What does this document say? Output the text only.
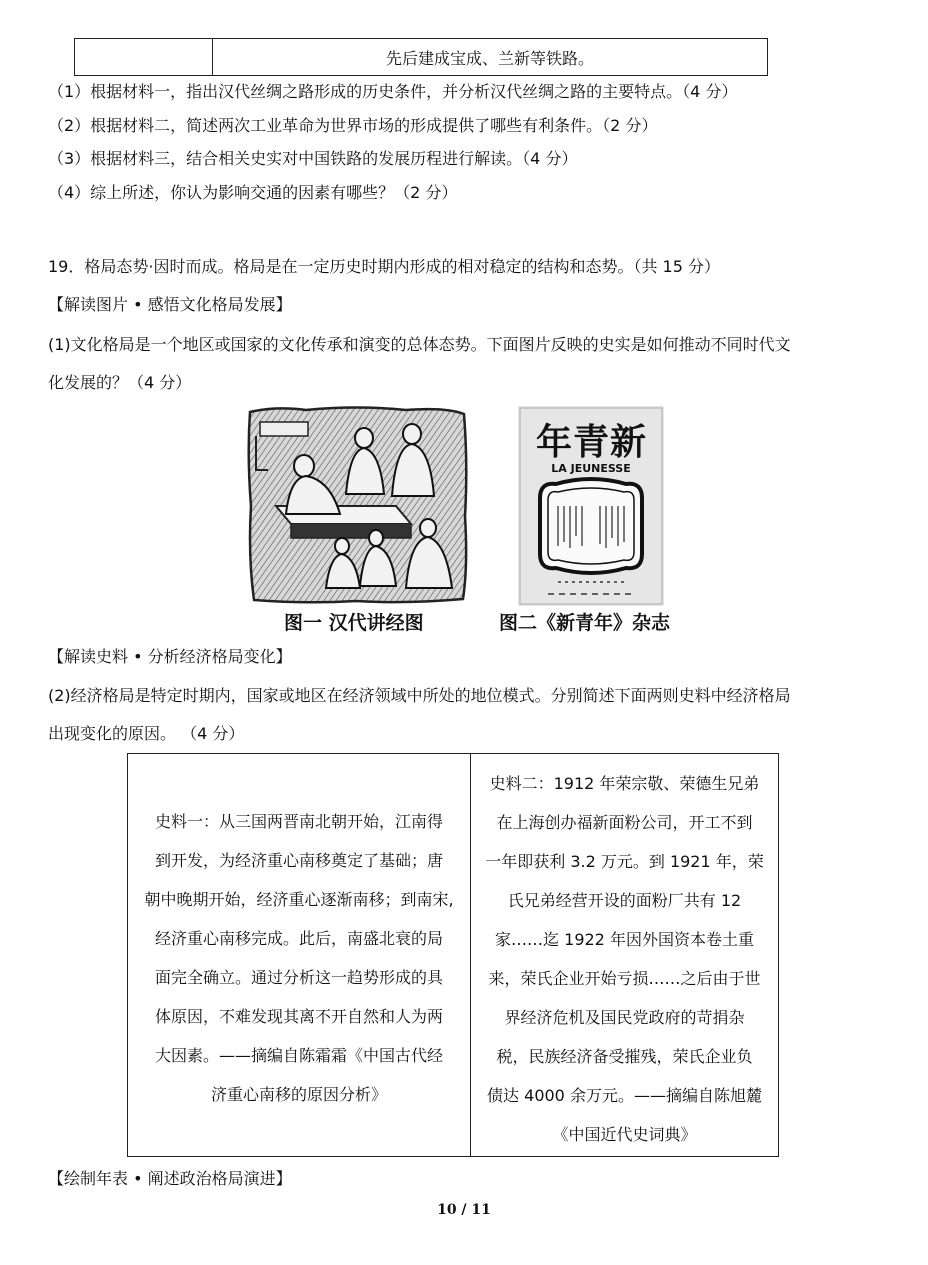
先后建成宝成、兰新等铁路。
（1）根据材料一，指出汉代丝绸之路形成的历史条件，并分析汉代丝绸之路的主要特点。（4 分）
（2）根据材料二，简述两次工业革命为世界市场的形成提供了哪些有利条件。（2 分）
（3）根据材料三，结合相关史实对中国铁路的发展历程进行解读。（4 分）
（4）综上所述，你认为影响交通的因素有哪些？（2 分）
19．格局态势·因时而成。格局是在一定历史时期内形成的相对稳定的结构和态势。（共 15 分）
【解读图片 • 感悟文化格局发展】
(1)文化格局是一个地区或国家的文化传承和演变的总体态势。下面图片反映的史实是如何推动不同时代文
化发展的？（4 分）
年 青 新
LA JEUNESSE
图一 汉代讲经图	图二《新青年》杂志
【解读史料 • 分析经济格局变化】
(2)经济格局是特定时期内，国家或地区在经济领域中所处的地位模式。分别简述下面两则史料中经济格局
出现变化的原因。 （4 分）
史料一：从三国两晋南北朝开始，江南得
到开发，为经济重心南移奠定了基础；唐
朝中晚期开始，经济重心逐渐南移；到南宋,
经济重心南移完成。此后，南盛北衰的局
面完全确立。通过分析这一趋势形成的具
体原因，不难发现其离不开自然和人为两
大因素。——摘编自陈霜霜《中国古代经
济重心南移的原因分析》
史料二：1912 年荣宗敬、荣德生兄弟
在上海创办福新面粉公司，开工不到
一年即获利 3.2 万元。到 1921 年，荣
氏兄弟经营开设的面粉厂共有 12
家……迄 1922 年因外国资本卷土重
来，荣氏企业开始亏损……之后由于世
界经济危机及国民党政府的苛捐杂
税，民族经济备受摧残，荣氏企业负
债达 4000 余万元。——摘编自陈旭麓
《中国近代史词典》
【绘制年表 • 阐述政治格局演进】
10 / 11
